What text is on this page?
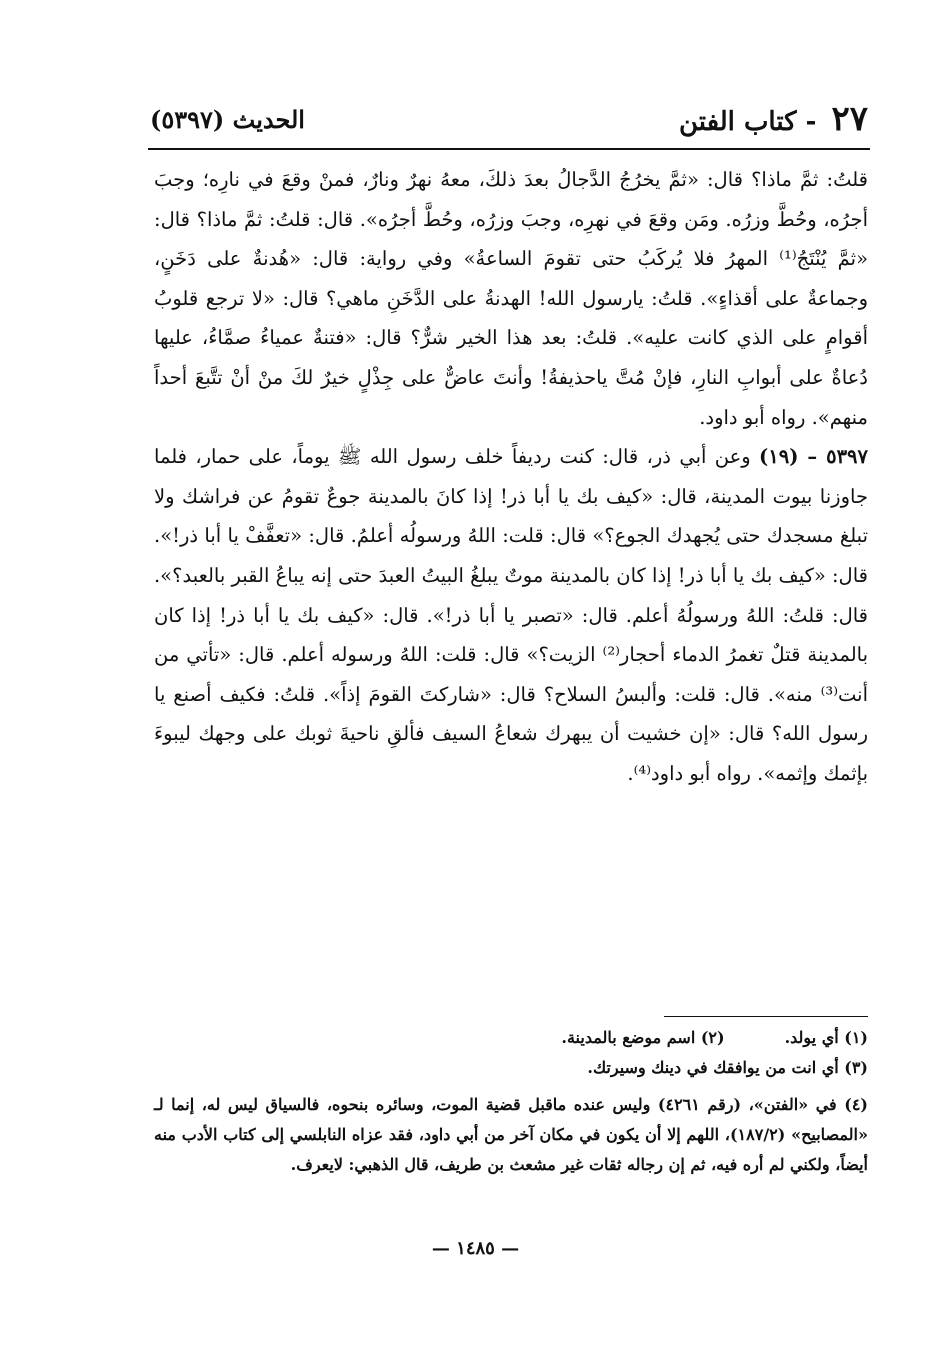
٢٧ - كتاب الفتن
الحديث (٥٣٩٧)

قلتُ: ثمَّ ماذا؟ قال: «ثمَّ يخرُجُ الدَّجالُ بعدَ ذلكَ، معهُ نهرٌ ونارٌ، فمنْ وقعَ في نارِه؛ وجبَ أجرُه، وحُطَّ وزرُه. ومَن وقعَ في نهرِه، وجبَ وزرُه، وحُطَّ أجرُه». قال: قلتُ: ثمَّ ماذا؟ قال: «ثمَّ يُنْتَجُ⁽¹⁾ المهرُ فلا يُركَبُ حتى تقومَ الساعةُ» وفي رواية: قال: «هُدنةٌ على دَخَنٍ، وجماعةٌ على أقذاءٍ». قلتُ: يارسول الله! الهدنةُ على الدَّخَنِ ماهي؟ قال: «لا ترجع قلوبُ أقوامٍ على الذي كانت عليه». قلتُ: بعد هذا الخير شرٌّ؟ قال: «فتنةٌ عمياءُ صمَّاءُ، عليها دُعاةٌ على أبوابِ النارِ، فإنْ مُتَّ ياحذيفةُ! وأنتَ عاضٌّ على جِذْلٍ خيرٌ لكَ منْ أنْ تتَّبعَ أحداً منهم». رواه أبو داود.

٥٣٩٧ – (١٩) وعن أبي ذر، قال: كنت رديفاً خلف رسول الله ﷺ يوماً، على حمار، فلما جاوزنا بيوت المدينة، قال: «كيف بك يا أبا ذر! إذا كانَ بالمدينة جوعٌ تقومُ عن فراشك ولا تبلغ مسجدك حتى يُجهدك الجوع؟» قال: قلت: اللهُ ورسولُه أعلمُ. قال: «تعفَّفْ يا أبا ذر!». قال: «كيف بك يا أبا ذر! إذا كان بالمدينة موتٌ يبلغُ البيتُ العبدَ حتى إنه يباعُ القبر بالعبد؟». قال: قلتُ: اللهُ ورسولُهُ أعلم. قال: «تصبر يا أبا ذر!». قال: «كيف بك يا أبا ذر! إذا كان بالمدينة قتلٌ تغمرُ الدماء أحجار⁽²⁾ الزيت؟» قال: قلت: اللهُ ورسوله أعلم. قال: «تأتي من أنت⁽³⁾ منه». قال: قلت: وألبسُ السلاح؟ قال: «شاركتَ القومَ إذاً». قلتُ: فكيف أصنع يا رسول الله؟ قال: «إن خشيت أن يبهرك شعاعُ السيف فألقِ ناحيةَ ثوبك على وجهك ليبوءَ بإثمك وإثمه». رواه أبو داود⁽⁴⁾.

(١) أي يولد.
(٢) اسم موضع بالمدينة.
(٣) أي انت من يوافقك في دينك وسيرتك.
(٤) في «الفتن»، (رقم ٤٢٦١) وليس عنده ماقبل قضية الموت، وسائره بنحوه، فالسياق ليس له، إنما لـ «المصابيح» (١٨٧/٢)، اللهم إلا أن يكون في مكان آخر من أبي داود، فقد عزاه النابلسي إلى كتاب الأدب منه أيضاً، ولكني لم أره فيه، ثم إن رجاله ثقات غير مشعث بن طريف، قال الذهبي: لايعرف.
— ١٤٨٥ —
